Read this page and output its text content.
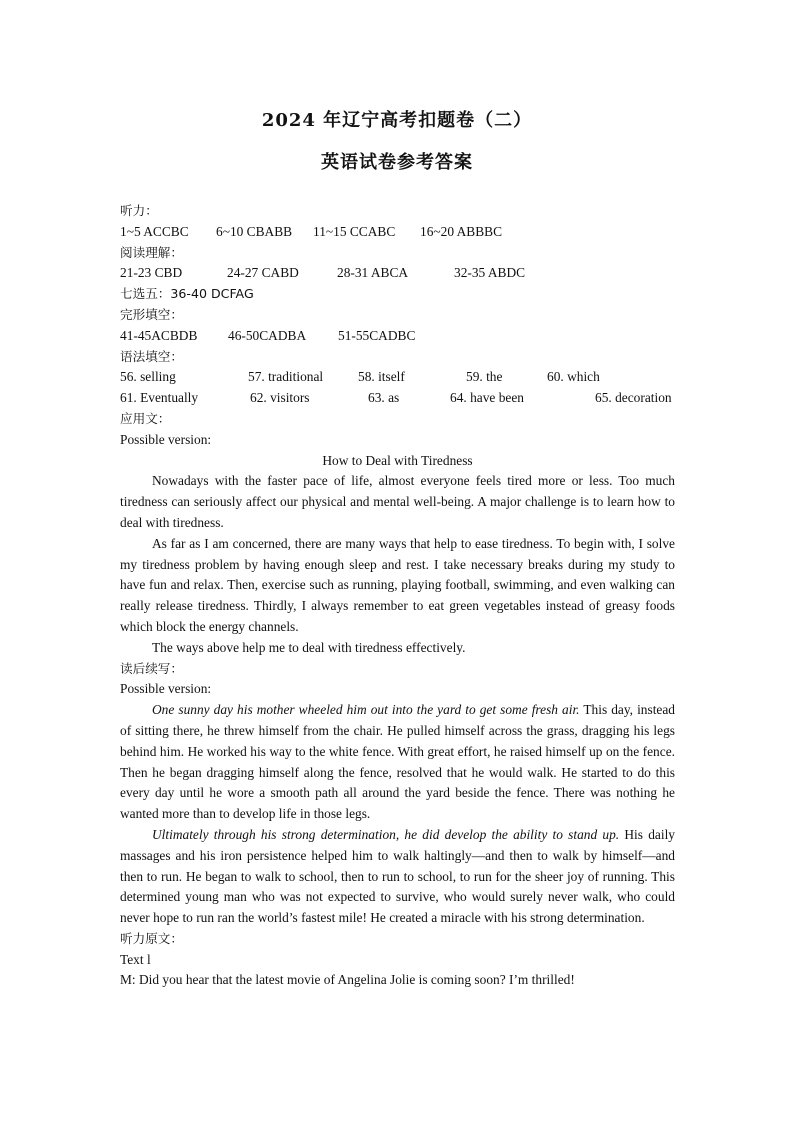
2024 年辽宁高考扣题卷（二）
英语试卷参考答案
听力：
1~5 ACCBC	6~10 CBABB	11~15 CCABC	16~20 ABBBC
阅读理解：
21-23 CBD	24-27 CABD	28-31 ABCA	32-35 ABDC
七选五：36-40 DCFAG
完形填空：
41-45ACBDB	46-50CADBA	51-55CADBC
语法填空：
56. selling	57. traditional	58. itself	59. the	60. which
61. Eventually	62. visitors	63. as	64. have been	65. decoration
应用文：
Possible version:
How to Deal with Tiredness

Nowadays with the faster pace of life, almost everyone feels tired more or less. Too much tiredness can seriously affect our physical and mental well-being. A major challenge is to learn how to deal with tiredness.

As far as I am concerned, there are many ways that help to ease tiredness. To begin with, I solve my tiredness problem by having enough sleep and rest. I take necessary breaks during my study to have fun and relax. Then, exercise such as running, playing football, swimming, and even walking can really release tiredness. Thirdly, I always remember to eat green vegetables instead of greasy foods which block the energy channels.

The ways above help me to deal with tiredness effectively.

读后续写：
Possible version:

One sunny day his mother wheeled him out into the yard to get some fresh air. This day, instead of sitting there, he threw himself from the chair. He pulled himself across the grass, dragging his legs behind him. He worked his way to the white fence. With great effort, he raised himself up on the fence. Then he began dragging himself along the fence, resolved that he would walk. He started to do this every day until he wore a smooth path all around the yard beside the fence. There was nothing he wanted more than to develop life in those legs.

Ultimately through his strong determination, he did develop the ability to stand up. His daily massages and his iron persistence helped him to walk haltingly—and then to walk by himself—and then to run. He began to walk to school, then to run to school, to run for the sheer joy of running. This determined young man who was not expected to survive, who would surely never walk, who could never hope to run ran the world’s fastest mile! He created a miracle with his strong determination.

听力原文：
Text l
M: Did you hear that the latest movie of Angelina Jolie is coming soon? I’m thrilled!
